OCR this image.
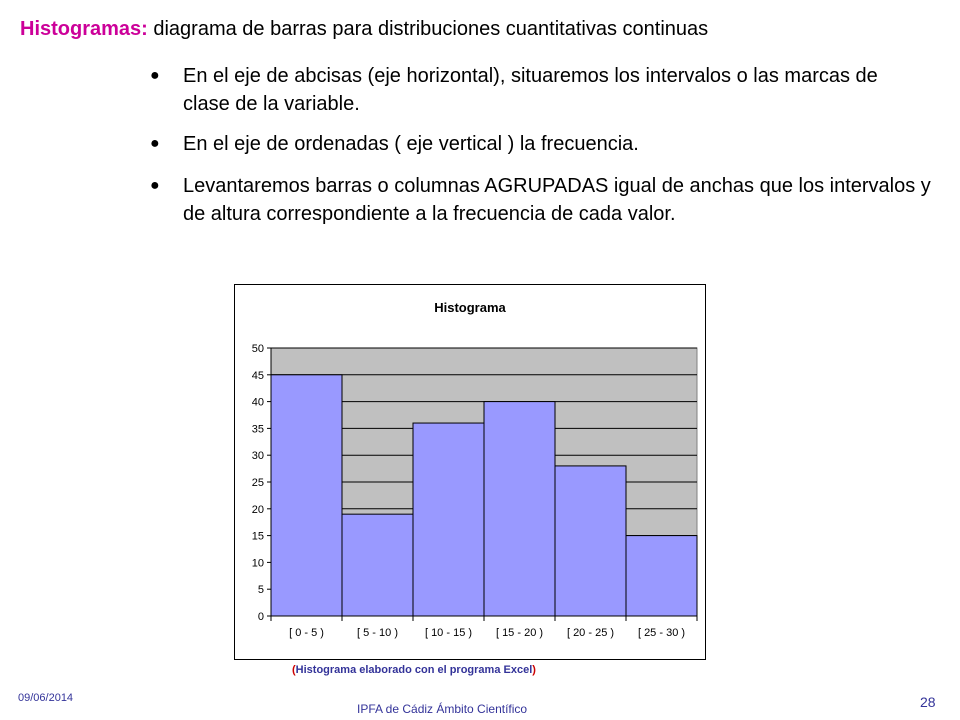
Histogramas: diagrama de barras para distribuciones cuantitativas continuas
●	En el eje de abcisas (eje horizontal), situaremos los intervalos o las marcas de clase de la variable.
●	En el eje de ordenadas ( eje vertical ) la frecuencia.
●	Levantaremos barras o columnas AGRUPADAS igual de anchas que los intervalos y de altura correspondiente a la frecuencia de cada valor.
Histograma
0
5
10
15
20
25
30
35
40
45
50
[ 0 - 5 )	[ 5 - 10 ) [ 10 - 15 ) [ 15 - 20 ) [ 20 - 25 ) [ 25 - 30 )
(Histograma elaborado con el programa Excel)
09/06/2014
IPFA de Cádiz Ámbito Científico	28
